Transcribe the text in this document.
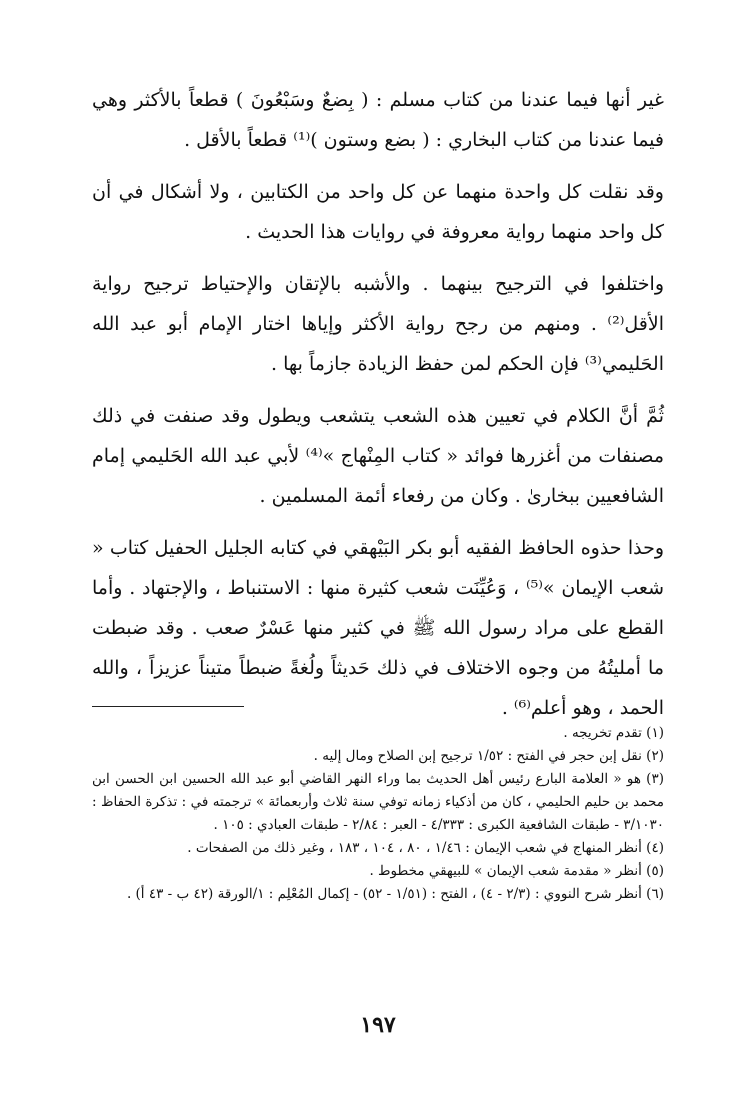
غير أنها فيما عندنا من كتاب مسلم : ( بِضعٌ وسَبْعُونَ ) قطعاً بالأكثر وهي فيما عندنا من كتاب البخاري : ( بضع وستون )⁽¹⁾ قطعاً بالأقل .

وقد نقلت كل واحدة منهما عن كل واحد من الكتابين ، ولا أشكال في أن كل واحد منهما رواية معروفة في روايات هذا الحديث .

واختلفوا في الترجيح بينهما . والأشبه بالإتقان والإحتياط ترجيح رواية الأقل⁽²⁾ . ومنهم من رجح رواية الأكثر وإياها اختار الإمام أبو عبد الله الحَليمي⁽³⁾ فإن الحكم لمن حفظ الزيادة جازماً بها .

ثُمَّ أنَّ الكلام في تعيين هذه الشعب يتشعب ويطول وقد صنفت في ذلك مصنفات من أغزرها فوائد « كتاب المِنْهاج »⁽⁴⁾ لأبي عبد الله الحَليمي إمام الشافعيين ببخارىٰ . وكان من رفعاء أئمة المسلمين .

وحذا حذوه الحافظ الفقيه أبو بكر البَيْهقي في كتابه الجليل الحفيل كتاب « شعب الإيمان »⁽⁵⁾ ، وَعُيِّنَت شعب كثيرة منها : الاستنباط ، والإجتهاد . وأما القطع على مراد رسول الله ﷺ في كثير منها عَسْرٌ صعب . وقد ضبطت ما أمليتُهُ من وجوه الاختلاف في ذلك حَديثاً ولُغةً ضبطاً متيناً عزيزاً ، والله الحمد ، وهو أعلم⁽⁶⁾ .

(١) تقدم تخريجه .

(٢) نقل إبن حجر في الفتح : ١/٥٢ ترجيح إبن الصلاح ومال إليه .

(٣) هو « العلامة البارع رئيس أهل الحديث بما وراء النهر القاضي أبو عبد الله الحسين ابن الحسن ابن محمد بن حليم الحليمي ، كان من أذكياء زمانه توفي سنة ثلاث وأربعمائة » ترجمته في : تذكرة الحفاظ : ٣/١٠٣٠ - طبقات الشافعية الكبرى : ٤/٣٣٣ - العبر : ٢/٨٤ - طبقات العبادي : ١٠٥ .

(٤) أنظر المنهاج في شعب الإيمان : ١/٤٦ ، ٨٠ ، ١٠٤ ، ١٨٣ ، وغير ذلك من الصفحات .

(٥) أنظر « مقدمة شعب الإيمان » للبيهقي مخطوط .

(٦) أنظر شرح النووي : (٢/٣ - ٤) ، الفتح : (١/٥١ - ٥٢) - إكمال المُعْلِم : ١/الورقة (٤٢ ب - ٤٣ أ) .

١٩٧
